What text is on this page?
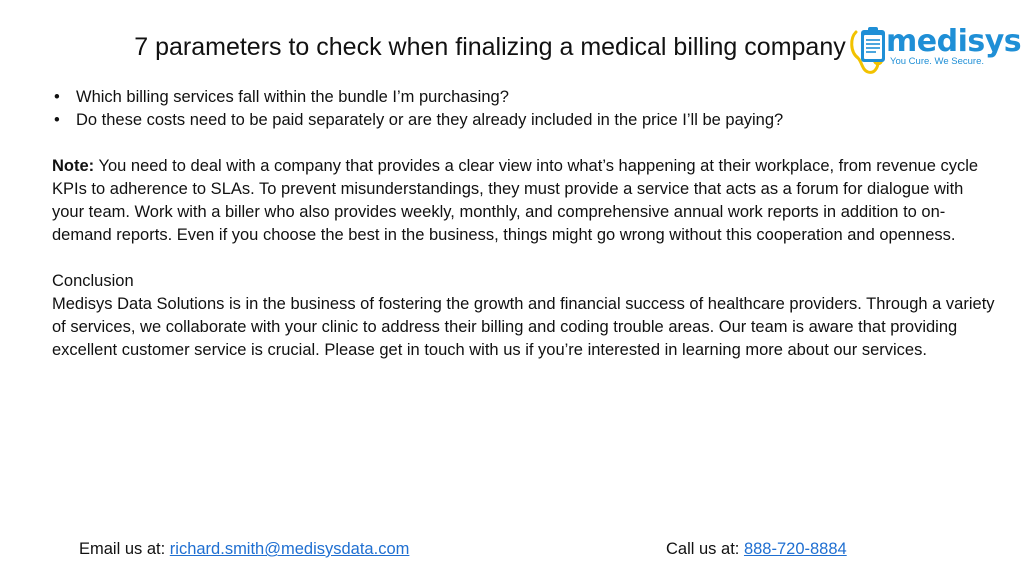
7 parameters to check when finalizing a medical billing company	medisys
You Cure. We Secure.
• Which billing services fall within the bundle I’m purchasing?
• Do these costs need to be paid separately or are they already included in the price I’ll be paying?

Note: You need to deal with a company that provides a clear view into what’s happening at their workplace, from revenue cycle KPIs to adherence to SLAs. To prevent misunderstandings, they must provide a service that acts as a forum for dialogue with your team. Work with a biller who also provides weekly, monthly, and comprehensive annual work reports in addition to on-demand reports. Even if you choose the best in the business, things might go wrong without this cooperation and openness.

Conclusion

Medisys Data Solutions is in the business of fostering the growth and financial success of healthcare providers. Through a variety of services, we collaborate with your clinic to address their billing and coding trouble areas. Our team is aware that providing excellent customer service is crucial. Please get in touch with us if you’re interested in learning more about our services.

Email us at: richard.smith@medisysdata.com	Call us at: 888-720-8884
